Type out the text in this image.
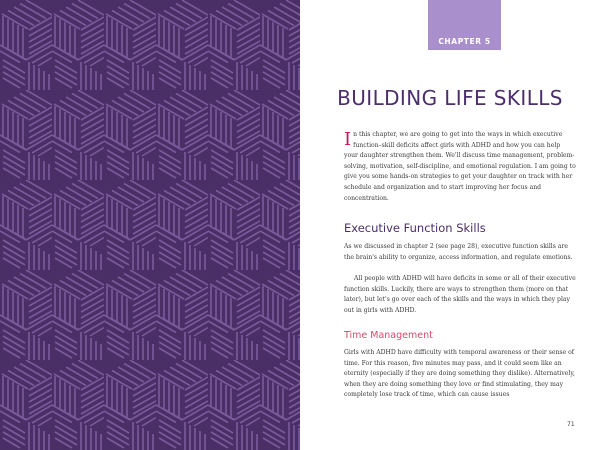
CHAPTER 5
BUILDING LIFE SKILLS

In this chapter, we are going to get into the ways in which executive function–skill deficits affect girls with ADHD and how you can help your daughter strengthen them. We'll discuss time management, problem-solving, motivation, self-discipline, and emotional regulation. I am going to give you some hands-on strategies to get your daughter on track with her schedule and organization and to start improving her focus and concentration.

Executive Function Skills

As we discussed in chapter 2 (see page 28), executive function skills are the brain's ability to organize, access information, and regulate emotions.

All people with ADHD will have deficits in some or all of their executive function skills. Luckily, there are ways to strengthen them (more on that later), but let's go over each of the skills and the ways in which they play out in girls with ADHD.

Time Management

Girls with ADHD have difficulty with temporal awareness or their sense of time. For this reason, five minutes may pass, and it could seem like an eternity (especially if they are doing something they dislike). Alternatively, when they are doing something they love or find stimulating, they may completely lose track of time, which can cause issues

71
